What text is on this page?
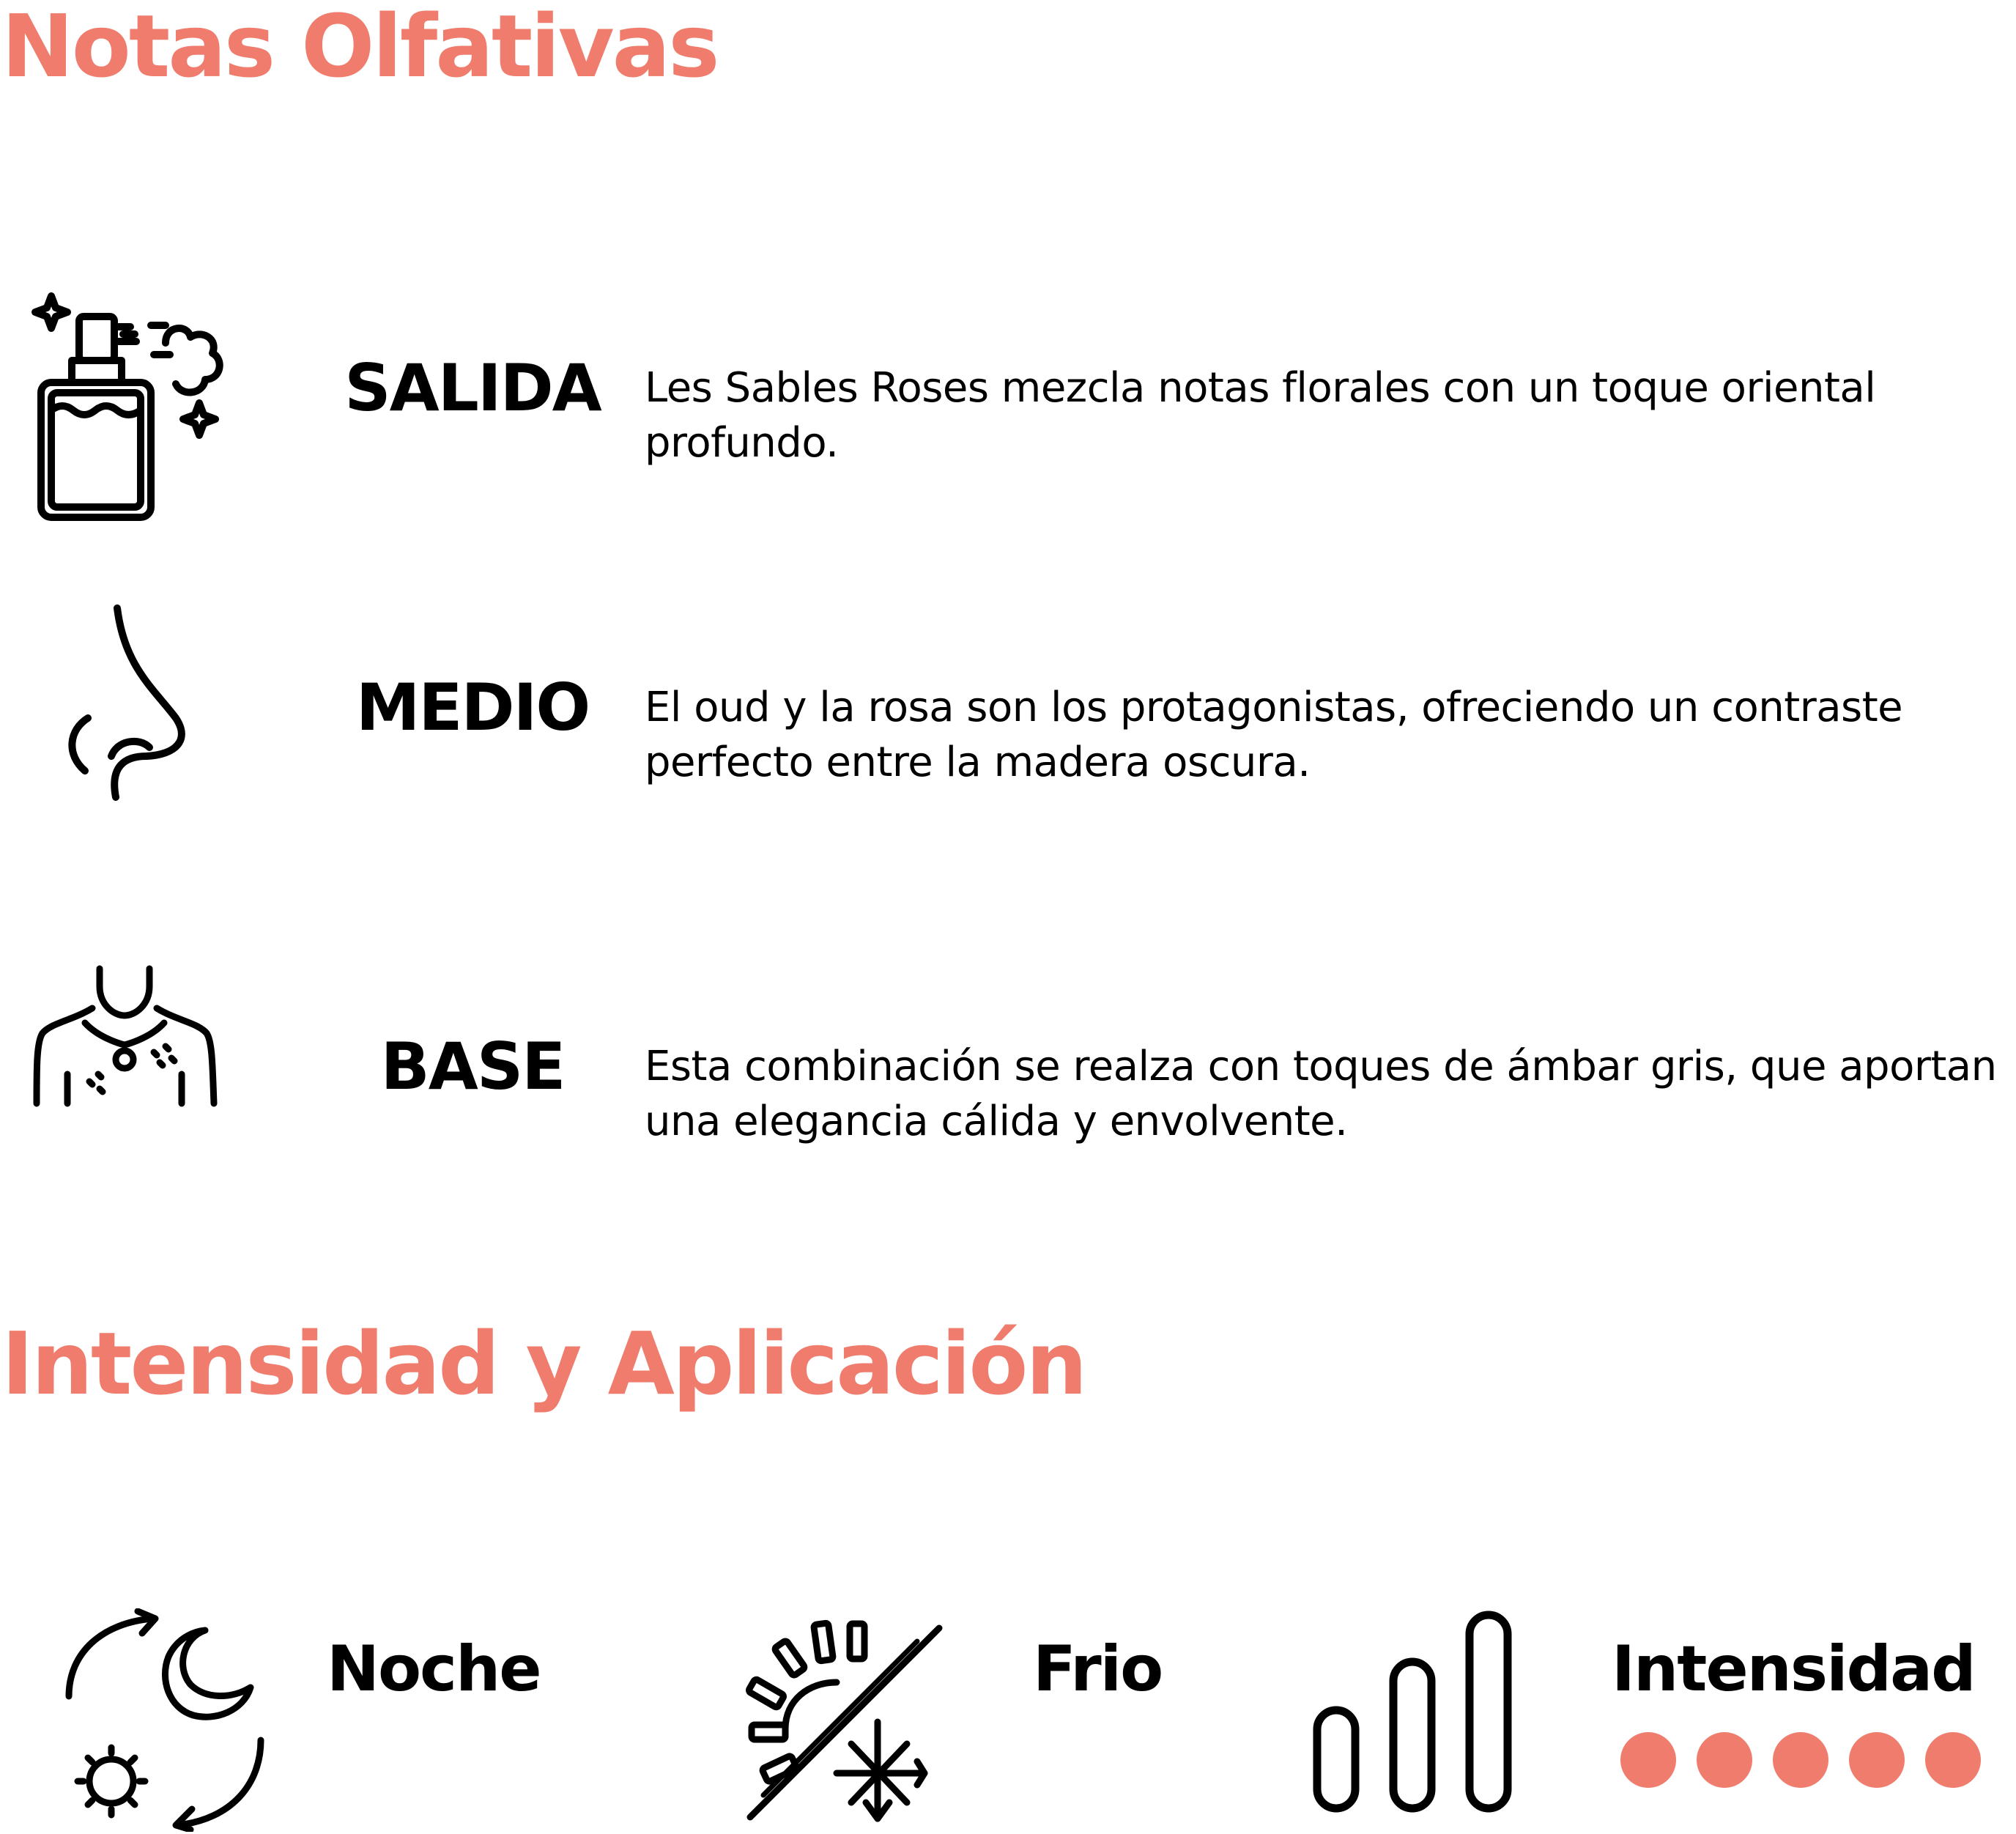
Notas Olfativas
SALIDA	Les Sables Roses mezcla notas florales con un toque oriental profundo.
MEDIO	El oud y la rosa son los protagonistas, ofreciendo un contraste perfecto entre la madera oscura.
BASE	Esta combinación se realza con toques de ámbar gris, que aportan una elegancia cálida y envolvente.
Intensidad y Aplicación
Noche	Frio	Intensidad
